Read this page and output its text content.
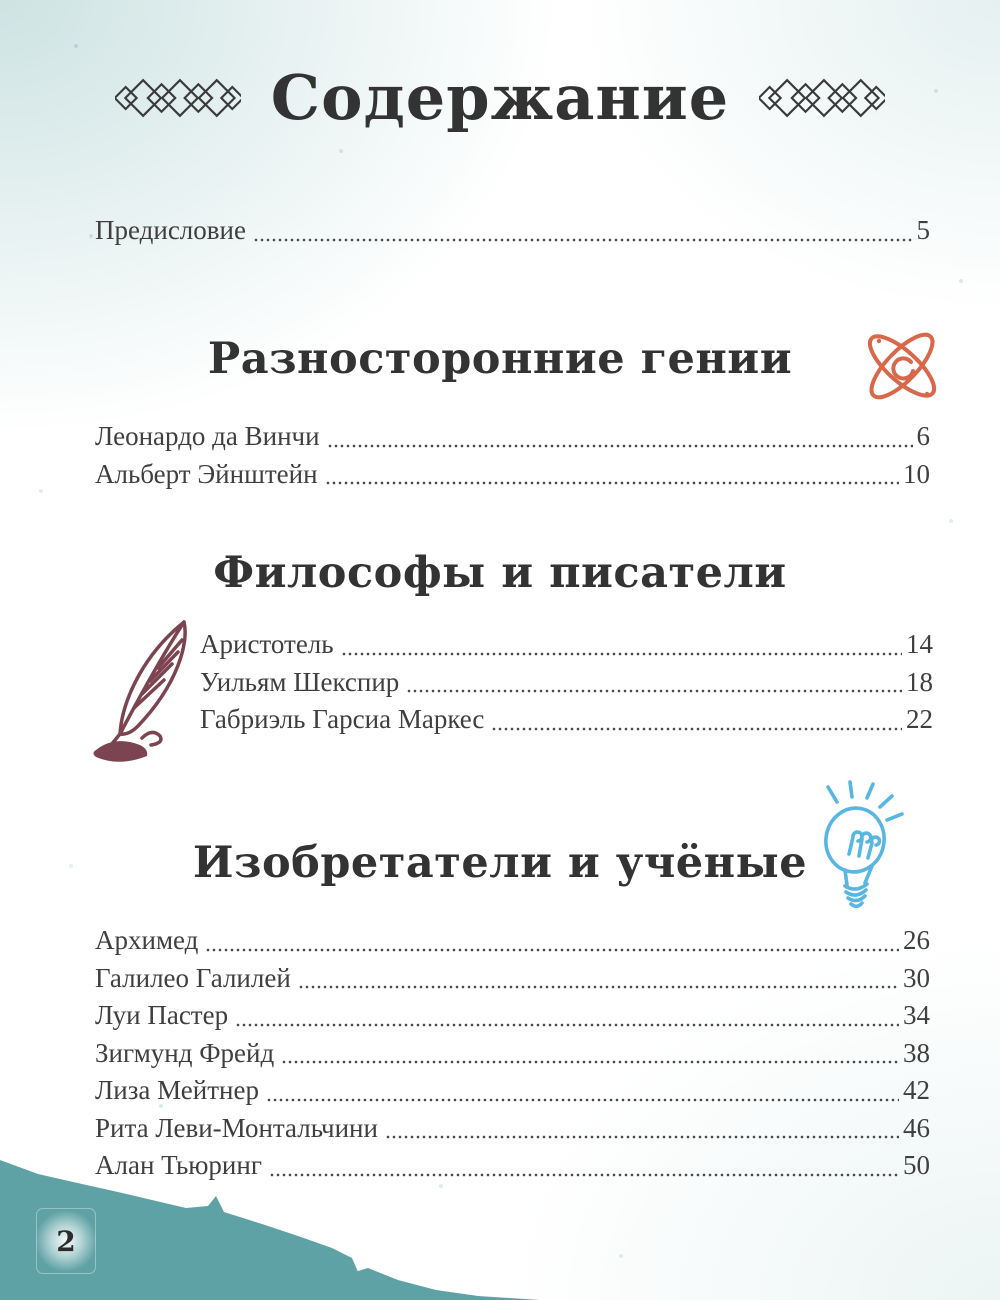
Содержание
Предисловие	5
Разносторонние гении
Леонардо да Винчи	6
Альберт Эйнштейн	10
Философы и писатели
Аристотель	14
Уильям Шекспир	18
Габриэль Гарсиа Маркес	22
Изобретатели и учёные
Архимед	26
Галилео Галилей	30
Луи Пастер	34
Зигмунд Фрейд	38
Лиза Мейтнер	42
Рита Леви-Монтальчини	46
Алан Тьюринг	50
2
